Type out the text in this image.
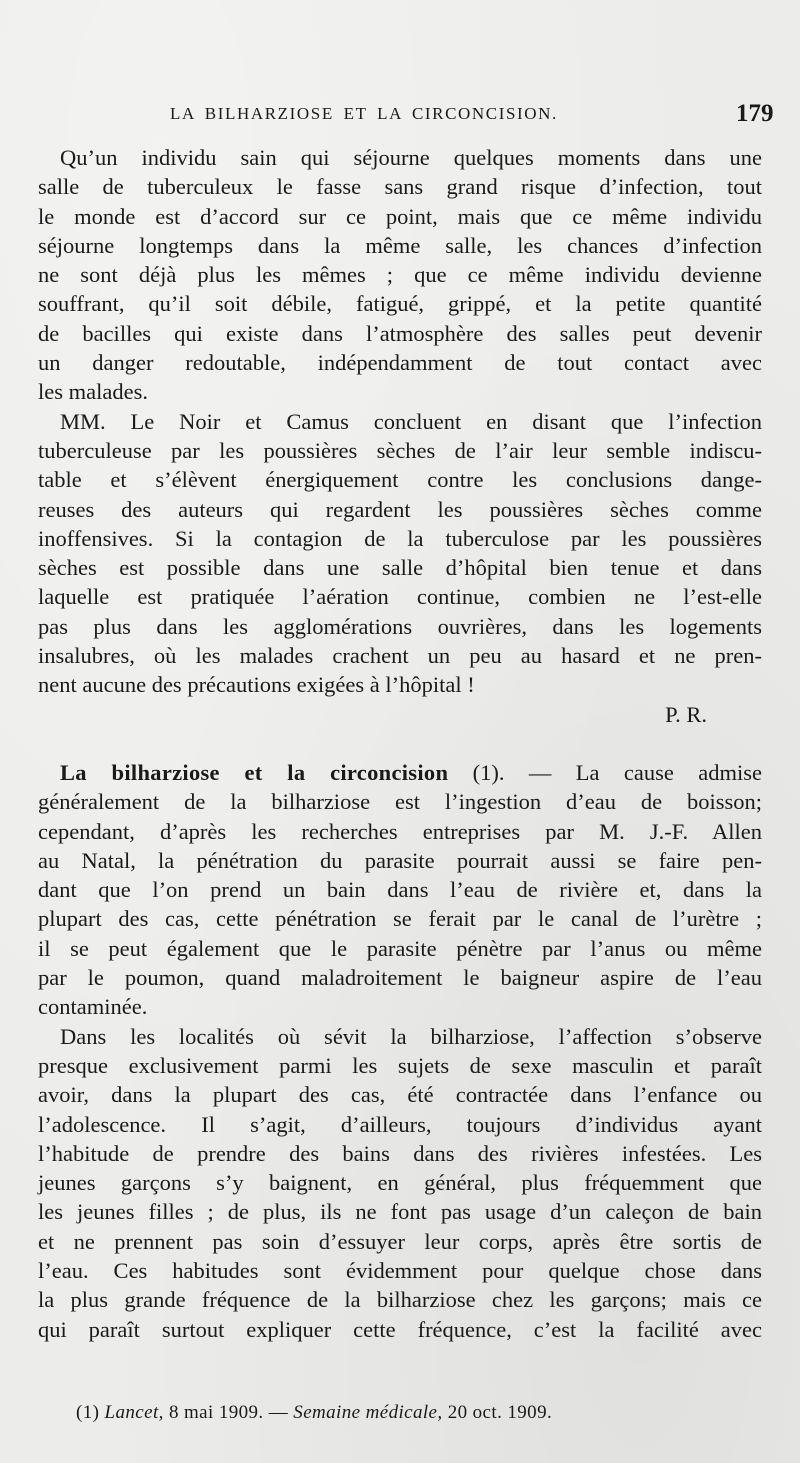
LA BILHARZIOSE ET LA CIRCONCISION.	179
Qu’un individu sain qui séjourne quelques moments dans une
salle de tuberculeux le fasse sans grand risque d’infection, tout
le monde est d’accord sur ce point, mais que ce même individu
séjourne longtemps dans la même salle, les chances d’infection
ne sont déjà plus les mêmes ; que ce même individu devienne
souffrant, qu’il soit débile, fatigué, grippé, et la petite quantité
de bacilles qui existe dans l’atmosphère des salles peut devenir
un danger redoutable, indépendamment de tout contact avec
les malades.
MM. Le Noir et Camus concluent en disant que l’infection
tuberculeuse par les poussières sèches de l’air leur semble indiscu-
table et s’élèvent énergiquement contre les conclusions dange-
reuses des auteurs qui regardent les poussières sèches comme
inoffensives. Si la contagion de la tuberculose par les poussières
sèches est possible dans une salle d’hôpital bien tenue et dans
laquelle est pratiquée l’aération continue, combien ne l’est-elle
pas plus dans les agglomérations ouvrières, dans les logements
insalubres, où les malades crachent un peu au hasard et ne pren-
nent aucune des précautions exigées à l’hôpital !
P. R.
La bilharziose et la circoncision (1). — La cause admise
généralement de la bilharziose est l’ingestion d’eau de boisson;
cependant, d’après les recherches entreprises par M. J.-F. Allen
au Natal, la pénétration du parasite pourrait aussi se faire pen-
dant que l’on prend un bain dans l’eau de rivière et, dans la
plupart des cas, cette pénétration se ferait par le canal de l’urètre ;
il se peut également que le parasite pénètre par l’anus ou même
par le poumon, quand maladroitement le baigneur aspire de l’eau
contaminée.
Dans les localités où sévit la bilharziose, l’affection s’observe
presque exclusivement parmi les sujets de sexe masculin et paraît
avoir, dans la plupart des cas, été contractée dans l’enfance ou
l’adolescence. Il s’agit, d’ailleurs, toujours d’individus ayant
l’habitude de prendre des bains dans des rivières infestées. Les
jeunes garçons s’y baignent, en général, plus fréquemment que
les jeunes filles ; de plus, ils ne font pas usage d’un caleçon de bain
et ne prennent pas soin d’essuyer leur corps, après être sortis de
l’eau. Ces habitudes sont évidemment pour quelque chose dans
la plus grande fréquence de la bilharziose chez les garçons; mais ce
qui paraît surtout expliquer cette fréquence, c’est la facilité avec
(1) Lancet, 8 mai 1909. — Semaine médicale, 20 oct. 1909.
